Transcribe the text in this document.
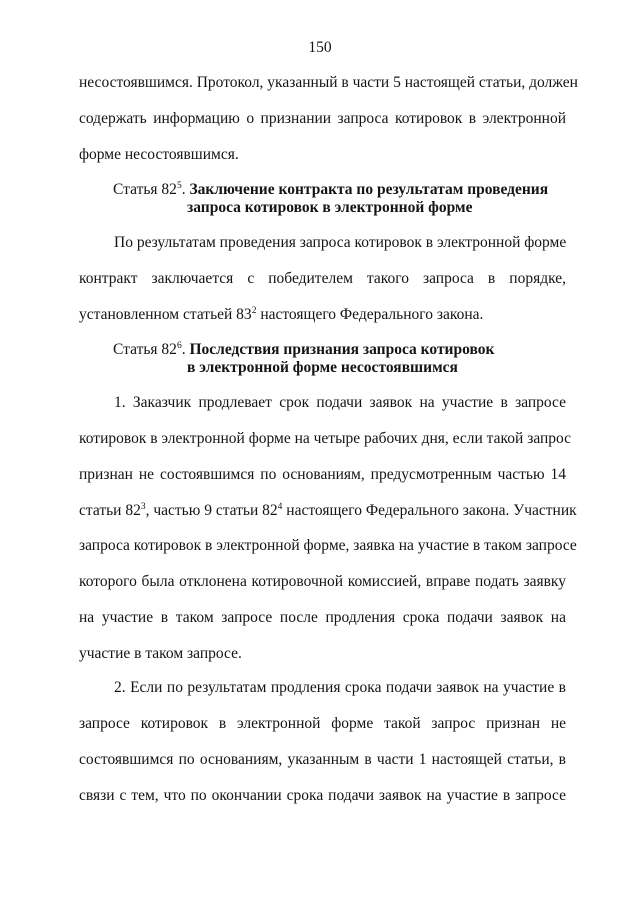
150
несостоявшимся. Протокол, указанный в части 5 настоящей статьи, должен
содержать информацию о признании запроса котировок в электронной
форме несостоявшимся.
Статья $82^5$. Заключение контракта по результатам проведения
запроса котировок в электронной форме
По результатам проведения запроса котировок в электронной форме
контракт заключается с победителем такого запроса в порядке,
установленном статьей $83^2$ настоящего Федерального закона.
Статья $82^6$. Последствия признания запроса котировок
в электронной форме несостоявшимся
1. Заказчик продлевает срок подачи заявок на участие в запросе
котировок в электронной форме на четыре рабочих дня, если такой запрос
признан не состоявшимся по основаниям, предусмотренным частью 14
статьи $82^3$, частью 9 статьи $82^4$ настоящего Федерального закона. Участник
запроса котировок в электронной форме, заявка на участие в таком запросе
которого была отклонена котировочной комиссией, вправе подать заявку
на участие в таком запросе после продления срока подачи заявок на
участие в таком запросе.
2. Если по результатам продления срока подачи заявок на участие в
запросе котировок в электронной форме такой запрос признан не
состоявшимся по основаниям, указанным в части 1 настоящей статьи, в
связи с тем, что по окончании срока подачи заявок на участие в запросе
